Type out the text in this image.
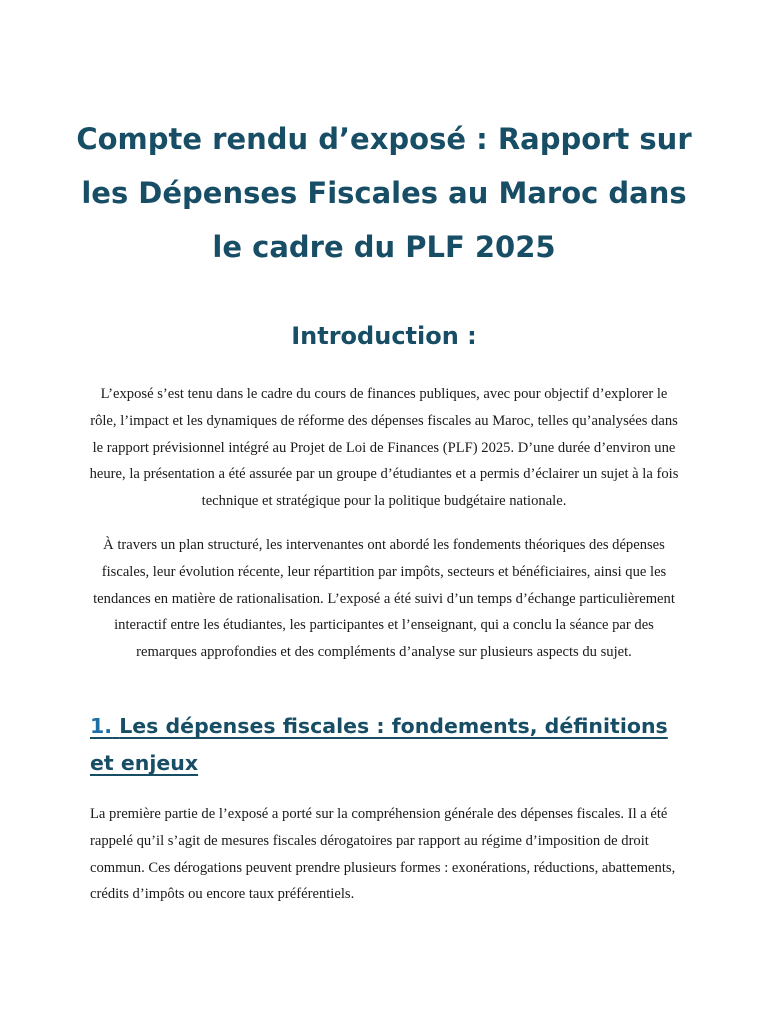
Compte rendu d’exposé : Rapport sur les Dépenses Fiscales au Maroc dans le cadre du PLF 2025
Introduction :

L’exposé s’est tenu dans le cadre du cours de finances publiques, avec pour objectif d’explorer le rôle, l’impact et les dynamiques de réforme des dépenses fiscales au Maroc, telles qu’analysées dans le rapport prévisionnel intégré au Projet de Loi de Finances (PLF) 2025. D’une durée d’environ une heure, la présentation a été assurée par un groupe d’étudiantes et a permis d’éclairer un sujet à la fois technique et stratégique pour la politique budgétaire nationale.

À travers un plan structuré, les intervenantes ont abordé les fondements théoriques des dépenses fiscales, leur évolution récente, leur répartition par impôts, secteurs et bénéficiaires, ainsi que les tendances en matière de rationalisation. L’exposé a été suivi d’un temps d’échange particulièrement interactif entre les étudiantes, les participantes et l’enseignant, qui a conclu la séance par des remarques approfondies et des compléments d’analyse sur plusieurs aspects du sujet.

1. Les dépenses fiscales : fondements, définitions et enjeux

La première partie de l’exposé a porté sur la compréhension générale des dépenses fiscales. Il a été rappelé qu’il s’agit de mesures fiscales dérogatoires par rapport au régime d’imposition de droit commun. Ces dérogations peuvent prendre plusieurs formes : exonérations, réductions, abattements, crédits d’impôts ou encore taux préférentiels.
